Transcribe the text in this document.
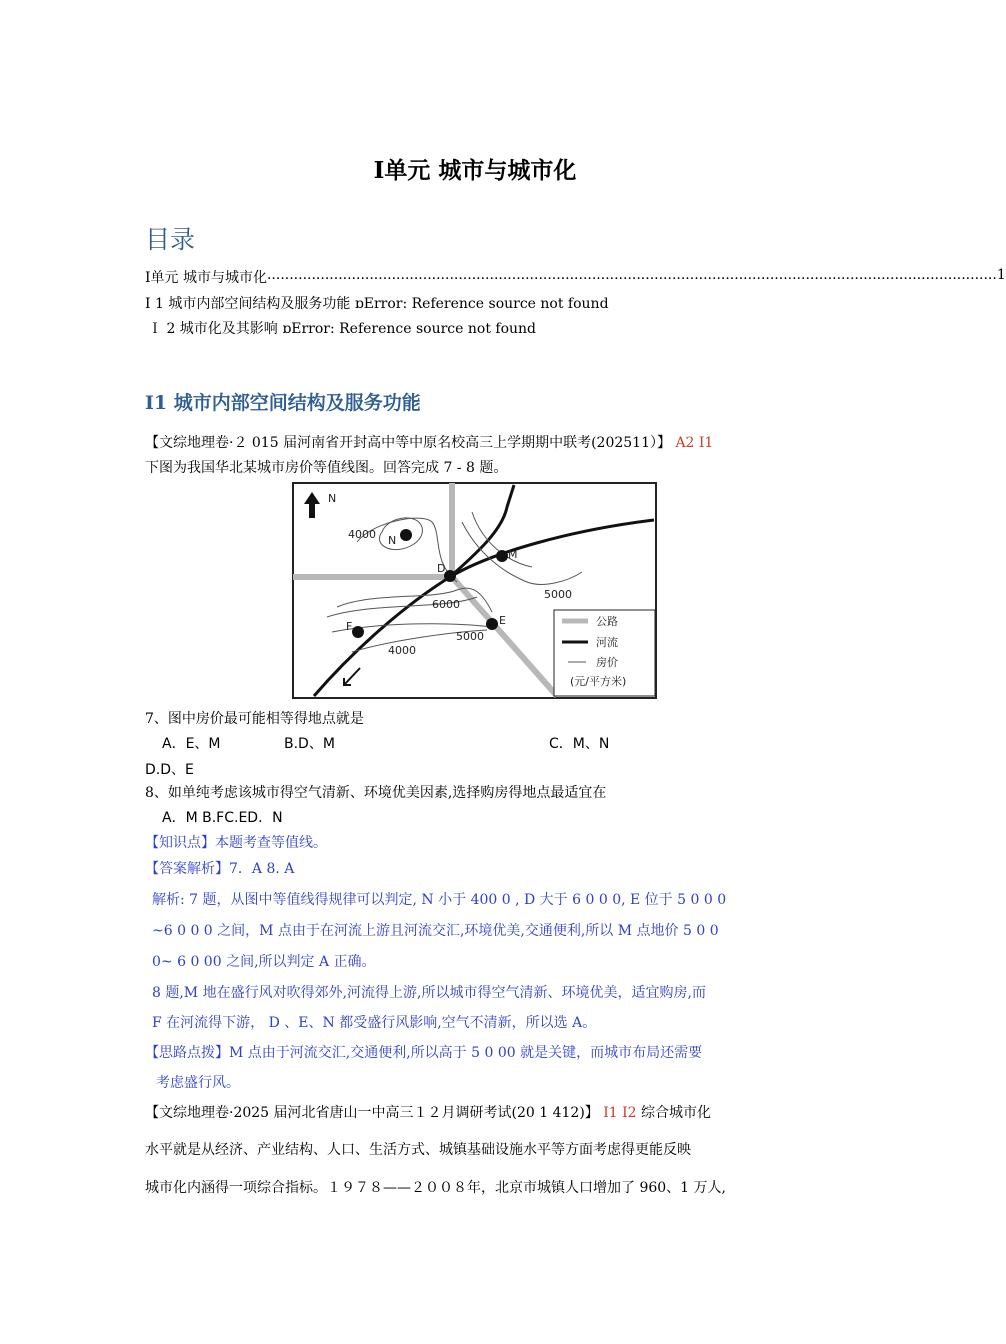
I单元 城市与城市化
目录
I单元 城市与城市化 .................................................................................................................................................................... 1
I 1 城市内部空间结构及服务功能 ɒError: Reference source not found
Ｉ 2 城市化及其影响 ɒError: Reference source not found
I1 城市内部空间结构及服务功能
【文综地理卷·２ 015 届河南省开封高中等中原名校高三上学期期中联考(202511）】 A2 I1
下图为我国华北某城市房价等值线图。回答完成 7 - 8 题。
N
N
D
M
F	E
4000
6000
5000
5000
4000
公路
河流
房价
(元/平方米)
7、图中房价最可能相等得地点就是
A．E、M	B.D、M	C．M、N
D.D、E
8、如单纯考虑该城市得空气清新、环境优美因素,选择购房得地点最适宜在
A．M B.FC.ED．N
【知识点】本题考查等值线。
【答案解析】7．A 8. A
解析: 7 题，从图中等值线得规律可以判定, N 小于 400 0 , D 大于 6 0 0 0, E 位于 5 0 0 0
~6 0 0 0 之间，M 点由于在河流上游且河流交汇,环境优美,交通便利,所以 M 点地价 5 0 0
0~ 6 0 00 之间,所以判定 A 正确。
8 题,M 地在盛行风对吹得郊外,河流得上游,所以城市得空气清新、环境优美，适宜购房,而
F 在河流得下游， D 、E、N 都受盛行风影响,空气不清新，所以选 A。
【思路点拨】M 点由于河流交汇,交通便利,所以高于 5 0 00 就是关键，而城市布局还需要
考虑盛行风。
【文综地理卷·2025 届河北省唐山一中高三１２月调研考试(20 1 412)】 I1 I2 综合城市化
水平就是从经济、产业结构、人口、生活方式、城镇基础设施水平等方面考虑得更能反映
城市化内涵得一项综合指标。１９７８——２００８年，北京市城镇人口增加了 960、1 万人,
